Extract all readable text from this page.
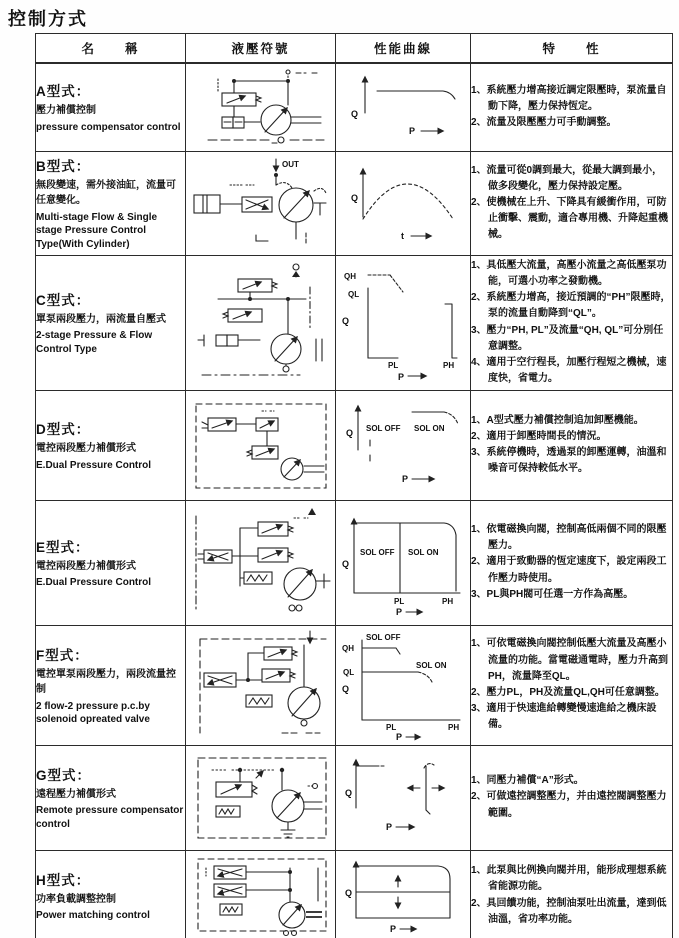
控制方式
名　　稱	液壓符號	性能曲線	特　　性

A型式：
壓力補償控制
pressure compensator control

Q
P

1、系統壓力增高接近調定限壓時，泵流量自動下降，壓力保持恆定。
2、流量及限壓壓力可手動調整。

B型式：
無段變速，需外接油缸，流量可任意變化。
Multi-stage Flow & Single stage Pressure Control Type(With Cylinder)

OUT

Q
t

1、流量可從0調到最大，從最大調到最小，做多段變化，壓力保持設定壓。
2、使機械在上升、下降具有緩衝作用，可防止衝擊、震動，適合專用機、升降起重機械。

C型式：
單泵兩段壓力，兩流量自壓式
2-stage Pressure & Flow Control Type

QH
QL
Q
PL
P
PH

1、具低壓大流量，高壓小流量之高低壓泵功能，可選小功率之發動機。
2、系統壓力增高，接近預調的“PH”限壓時，泵的流量自動降到“QL”。
3、壓力“PH, PL”及流量“QH, QL”可分別任意調整。
4、適用于空行程長，加壓行程短之機械，速度快，省電力。

D型式：
電控兩段壓力補償形式
E.Dual Pressure Control

Q SOL OFF SOL ON
P

1、A型式壓力補償控制追加卸壓機能。
2、適用于卸壓時間長的情況。
3、系統停機時，透過泵的卸壓運轉，油溫和噪音可保持較低水平。

E型式：
電控兩段壓力補償形式
E.Dual Pressure Control

Q
SOL OFF SOL ON
PL	PH
P

1、依電磁換向閥，控制高低兩個不同的限壓壓力。
2、適用于致動器的恆定速度下，設定兩段工作壓力時使用。
3、PL與PH閥可任選一方作為高壓。

F型式：
電控單泵兩段壓力，兩段流量控制
2 flow-2 pressure p.c.by solenoid opreated valve

SOL OFF
QH
SOL ON
QL
Q
PL	PH
P

1、可依電磁換向閥控制低壓大流量及高壓小流量的功能。當電磁通電時，壓力升高到PH，流量降至QL。
2、壓力PL，PH及流量QL,QH可任意調整。
3、適用于快速進給轉變慢速進給之機床設備。

G型式：
遠程壓力補償形式
Remote pressure compensator control

Q
P

1、同壓力補償“A”形式。
2、可做遠控調整壓力，并由遠控閥調整壓力範圍。

H型式：
功率負載調整控制
Power matching control

Q
P

1、此泵與比例換向閥并用，能形成理想系統省能源功能。
2、具回饋功能，控制油泵吐出流量，達到低油溫，省功率功能。
